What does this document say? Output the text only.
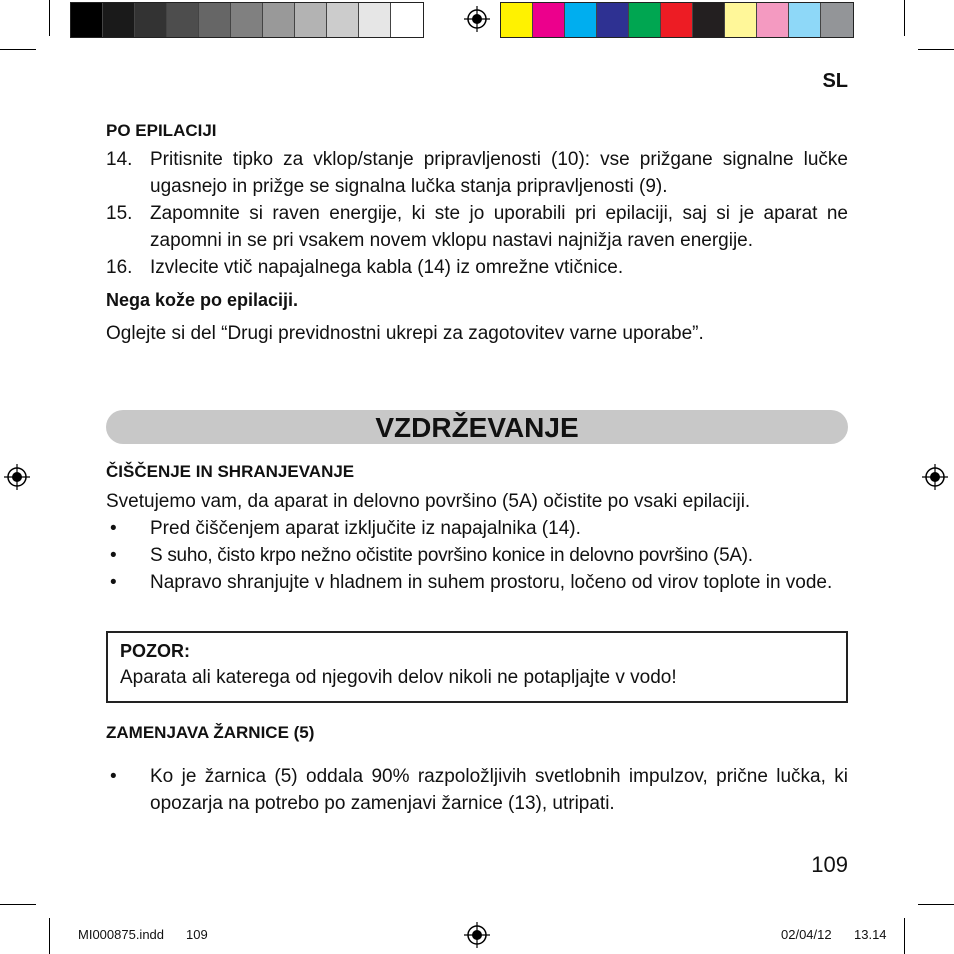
SL
PO EPILACIJI
14. Pritisnite tipko za vklop/stanje pripravljenosti (10): vse prižgane signalne lučke ugasnejo in prižge se signalna lučka stanja pripravljenosti (9).
15. Zapomnite si raven energije, ki ste jo uporabili pri epilaciji, saj si je aparat ne zapomni in se pri vsakem novem vklopu nastavi najnižja raven energije.
16. Izvlecite vtič napajalnega kabla (14) iz omrežne vtičnice.
Nega kože po epilaciji.
Oglejte si del “Drugi previdnostni ukrepi za zagotovitev varne uporabe”.
VZDRŽEVANJE
ČIŠČENJE IN SHRANJEVANJE
Svetujemo vam, da aparat in delovno površino (5A) očistite po vsaki epilaciji.
•	Pred čiščenjem aparat izključite iz napajalnika (14).
•	S suho, čisto krpo nežno očistite površino konice in delovno površino (5A).
•	Napravo shranjujte v hladnem in suhem prostoru, ločeno od virov toplote in vode.
POZOR:
Aparata ali katerega od njegovih delov nikoli ne potapljajte v vodo!
ZAMENJAVA ŽARNICE (5)
•	Ko je žarnica (5) oddala 90% razpoložljivih svetlobnih impulzov, prične lučka, ki opozarja na potrebo po zamenjavi žarnice (13), utripati.
109
MI000875.indd 109	02/04/12 13.14
